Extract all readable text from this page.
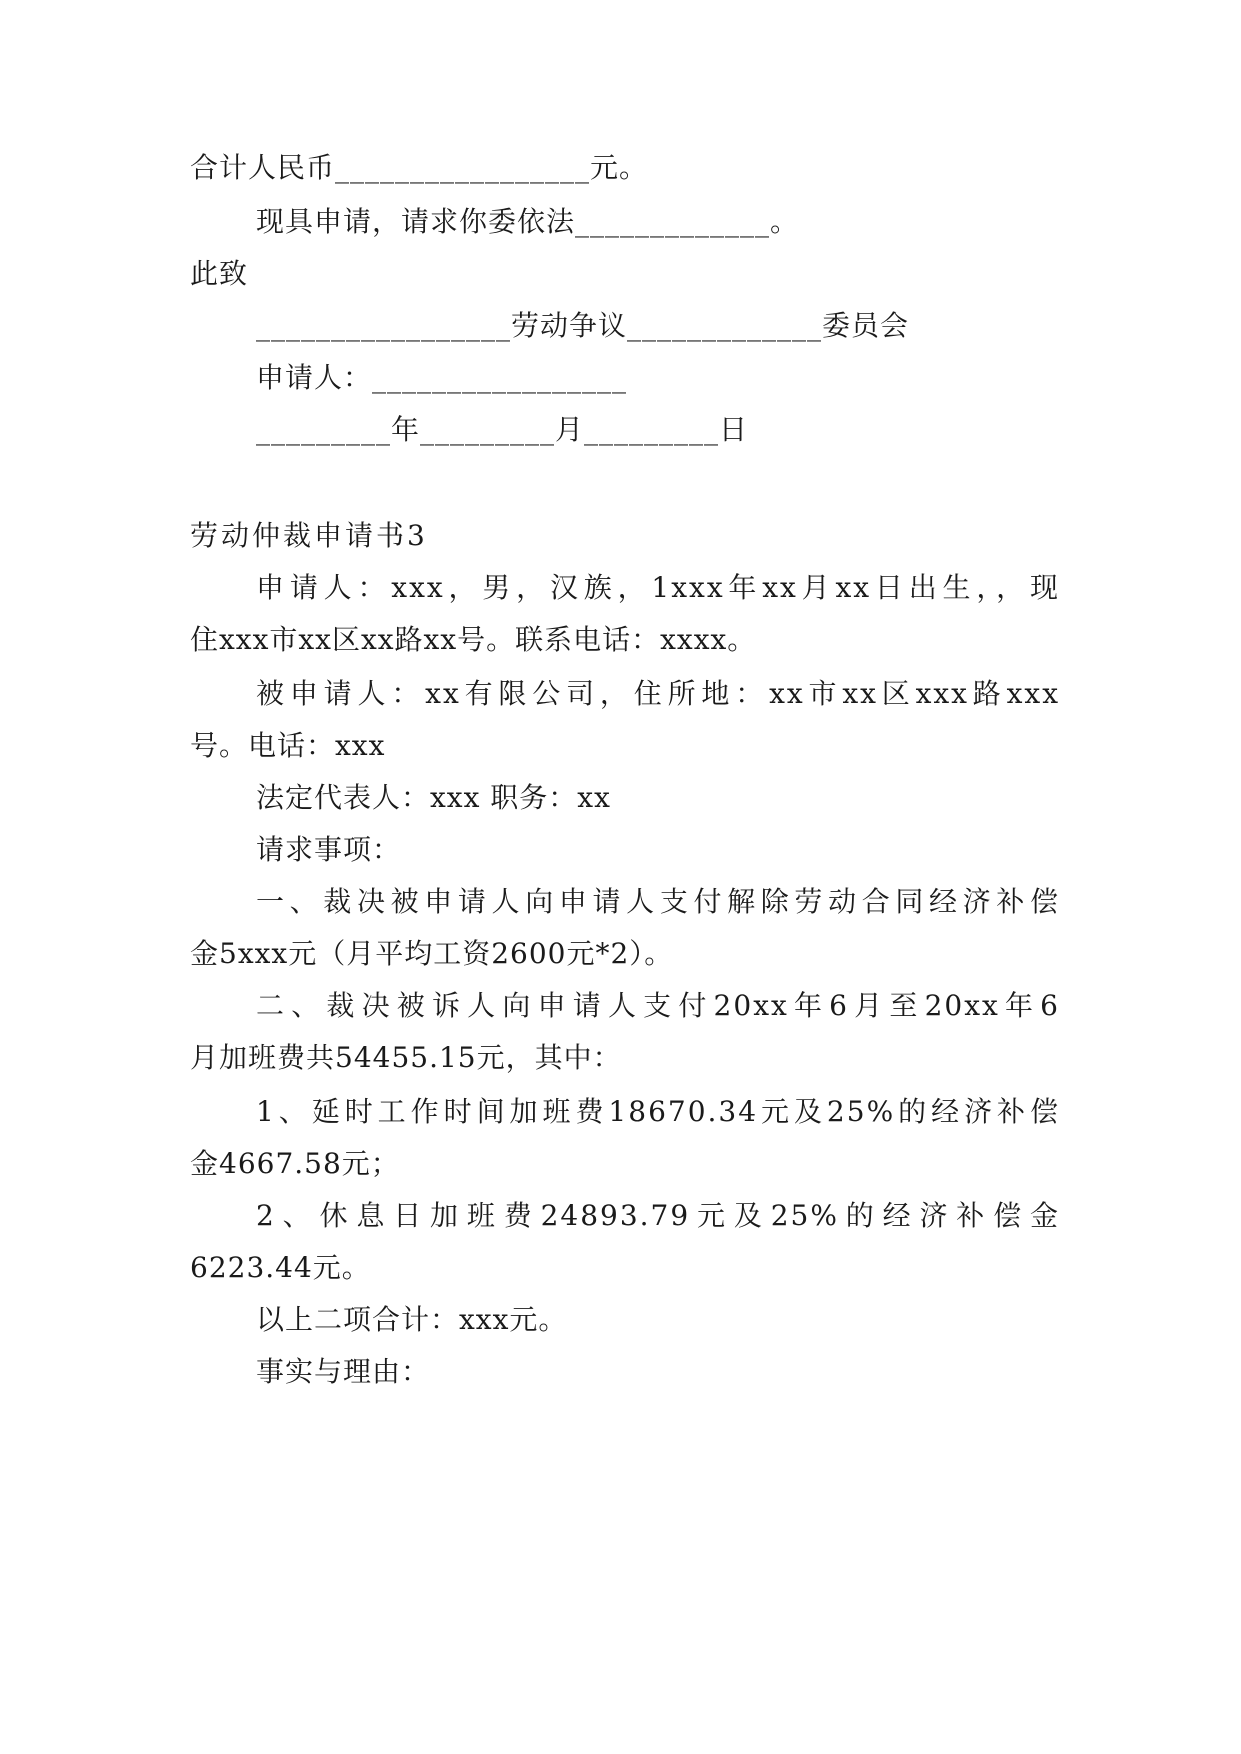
合计人民币_________________元。
现具申请，请求你委依法_____________。
此致
_________________劳动争议_____________委员会
申请人：_________________
_________年_________月_________日
劳动仲裁申请书3
申请人：xxx，男，汉族，1xxx年xx月xx日出生，，现
住xxx市xx区xx路xx号。联系电话：xxxx。
被申请人：xx有限公司，住所地：xx市xx区xxx路xxx
号。电话：xxx
法定代表人：xxx 职务：xx
请求事项：
一、裁决被申请人向申请人支付解除劳动合同经济补偿
金5xxx元（月平均工资2600元*2）。
二、裁决被诉人向申请人支付20xx年6月至20xx年6
月加班费共54455.15元，其中：
1、延时工作时间加班费18670.34元及25%的经济补偿
金4667.58元；
2、休息日加班费24893.79元及25%的经济补偿金
6223.44元。
以上二项合计：xxx元。
事实与理由：
